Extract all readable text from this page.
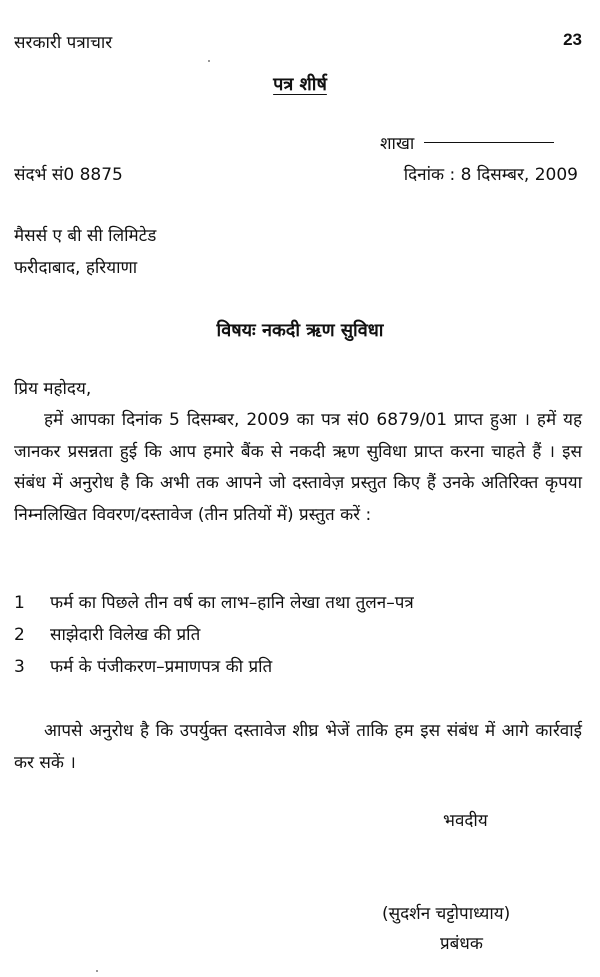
सरकारी पत्राचार	23
पत्र शीर्ष
शाखा
संदर्भ सं0 8875	दिनांक : 8 दिसम्बर, 2009
मैसर्स ए बी सी लिमिटेड
फरीदाबाद, हरियाणा
विषयः नकदी ऋण सुविधा
प्रिय महोदय,
हमें आपका दिनांक 5 दिसम्बर, 2009 का पत्र सं0 6879/01 प्राप्त हुआ । हमें यह जानकर प्रसन्नता हुई कि आप हमारे बैंक से नकदी ऋण सुविधा प्राप्त करना चाहते हैं । इस संबंध में अनुरोध है कि अभी तक आपने जो दस्तावेज़ प्रस्तुत किए हैं उनके अतिरिक्त कृपया निम्नलिखित विवरण/दस्तावेज (तीन प्रतियों में) प्रस्तुत करें :
1	फर्म का पिछले तीन वर्ष का लाभ–हानि लेखा तथा तुलन–पत्र
2	साझेदारी विलेख की प्रति
3	फर्म के पंजीकरण–प्रमाणपत्र की प्रति
आपसे अनुरोध है कि उपर्युक्त दस्तावेज शीघ्र भेजें ताकि हम इस संबंध में आगे कार्रवाई कर सकें ।
भवदीय
(सुदर्शन चट्टोपाध्याय)
प्रबंधक
